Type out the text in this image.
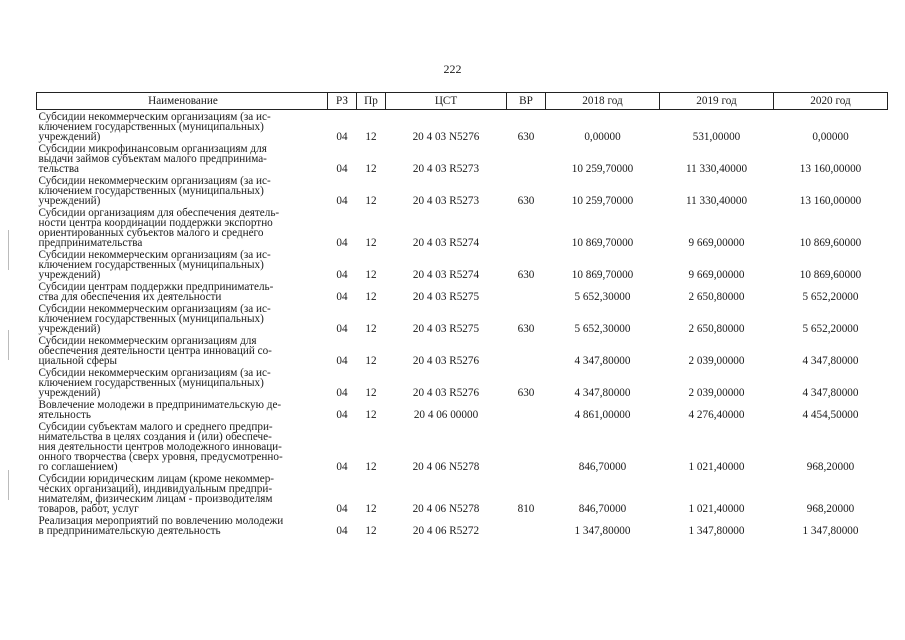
222
Наименование	РЗ	Пр	ЦСТ	ВР	2018 год	2019 год	2020 год
Субсидии некоммерческим организациям (за ис-
ключением государственных (муниципальных)
учреждений)	04	12	20 4 03 N5276	630	0,00000	531,00000	0,00000
Субсидии микрофинансовым организациям для
выдачи займов субъектам малого предпринима-
тельства	04	12	20 4 03 R5273		10 259,70000	11 330,40000	13 160,00000
Субсидии некоммерческим организациям (за ис-
ключением государственных (муниципальных)
учреждений)	04	12	20 4 03 R5273	630	10 259,70000	11 330,40000	13 160,00000
Субсидии организациям для обеспечения деятель-
ности центра координации поддержки экспортно
ориентированных субъектов малого и среднего
предпринимательства	04	12	20 4 03 R5274		10 869,70000	9 669,00000	10 869,60000
Субсидии некоммерческим организациям (за ис-
ключением государственных (муниципальных)
учреждений)	04	12	20 4 03 R5274	630	10 869,70000	9 669,00000	10 869,60000
Субсидии центрам поддержки предприниматель-
ства для обеспечения их деятельности	04	12	20 4 03 R5275		5 652,30000	2 650,80000	5 652,20000
Субсидии некоммерческим организациям (за ис-
ключением государственных (муниципальных)
учреждений)	04	12	20 4 03 R5275	630	5 652,30000	2 650,80000	5 652,20000
Субсидии некоммерческим организациям для
обеспечения деятельности центра инноваций со-
циальной сферы	04	12	20 4 03 R5276		4 347,80000	2 039,00000	4 347,80000
Субсидии некоммерческим организациям (за ис-
ключением государственных (муниципальных)
учреждений)	04	12	20 4 03 R5276	630	4 347,80000	2 039,00000	4 347,80000
Вовлечение молодежи в предпринимательскую де-
ятельность	04	12	20 4 06 00000		4 861,00000	4 276,40000	4 454,50000
Субсидии субъектам малого и среднего предпри-
нимательства в целях создания и (или) обеспече-
ния деятельности центров молодежного инноваци-
онного творчества (сверх уровня, предусмотренно-
го соглашением)	04	12	20 4 06 N5278		846,70000	1 021,40000	968,20000
Субсидии юридическим лицам (кроме некоммер-
ческих организаций), индивидуальным предпри-
нимателям, физическим лицам - производителям
товаров, работ, услуг	04	12	20 4 06 N5278	810	846,70000	1 021,40000	968,20000
Реализация мероприятий по вовлечению молодежи
в предпринимательскую деятельность	04	12	20 4 06 R5272		1 347,80000	1 347,80000	1 347,80000
